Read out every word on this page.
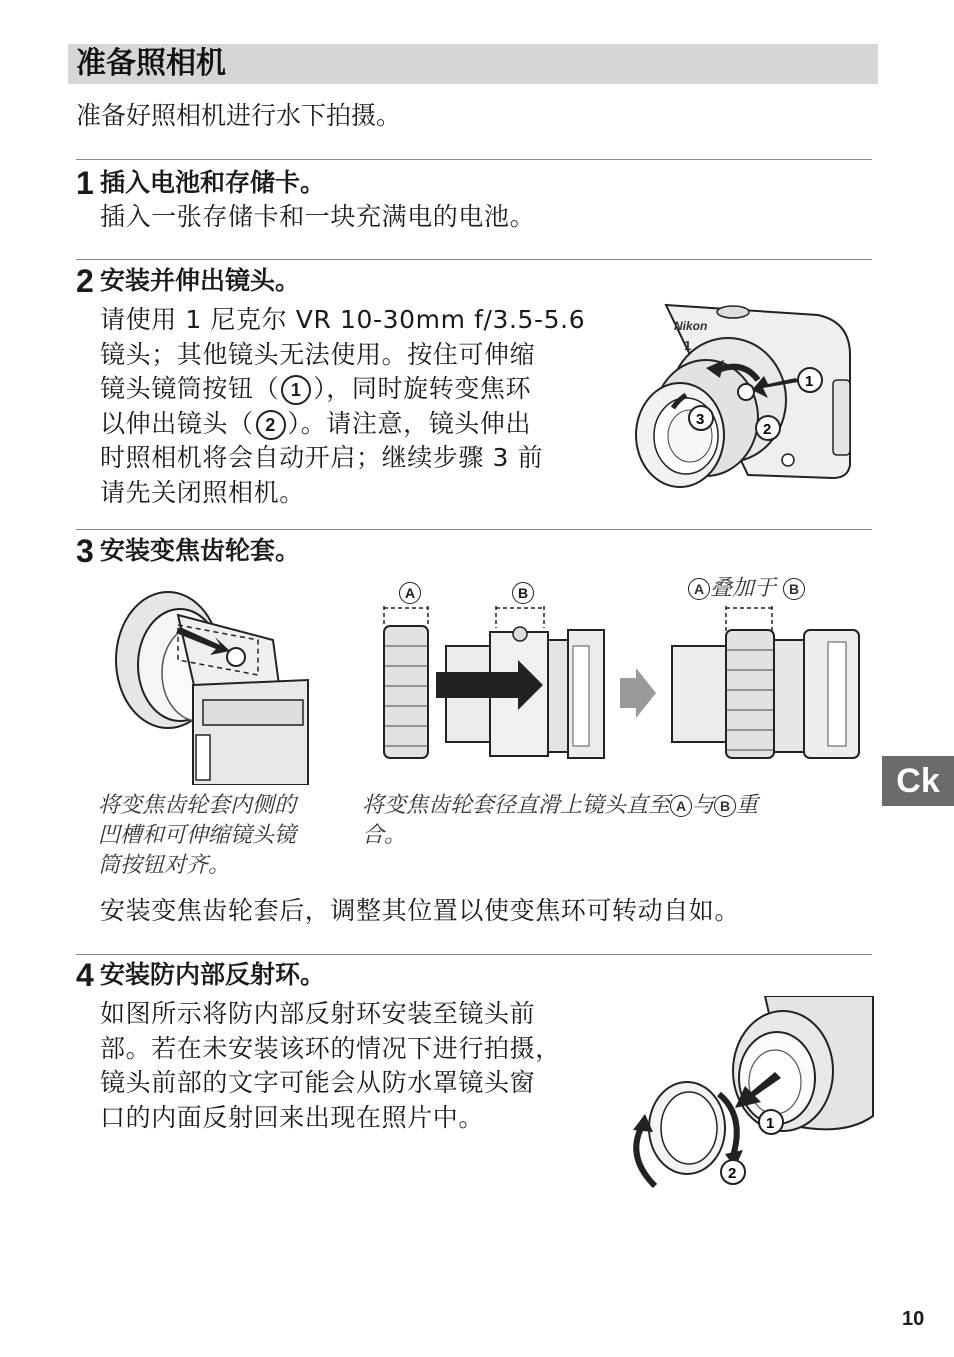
准备照相机
准备好照相机进行水下拍摄。
1 插入电池和存储卡。
插入一张存储卡和一块充满电的电池。
2 安装并伸出镜头。
请使用 1 尼克尔 VR 10-30mm f/3.5-5.6
镜头；其他镜头无法使用。按住可伸缩
镜头镜筒按钮（ 1 ），同时旋转变焦环
以伸出镜头（ 2 ）。请注意，镜头伸出
时照相机将会自动开启；继续步骤 3 前
请先关闭照相机。
Nikon
1
1
2
3
3 安装变焦齿轮套。
A	B	A 叠加于 B
将变焦齿轮套内侧的
凹槽和可伸缩镜头镜
筒按钮对齐。
将变焦齿轮套径直滑上镜头直至 A 与 B 重
合。
安装变焦齿轮套后，调整其位置以使变焦环可转动自如。
4 安装防内部反射环。
如图所示将防内部反射环安装至镜头前
部。若在未安装该环的情况下进行拍摄，
镜头前部的文字可能会从防水罩镜头窗
口的内面反射回来出现在照片中。	1
2
Ck
10
